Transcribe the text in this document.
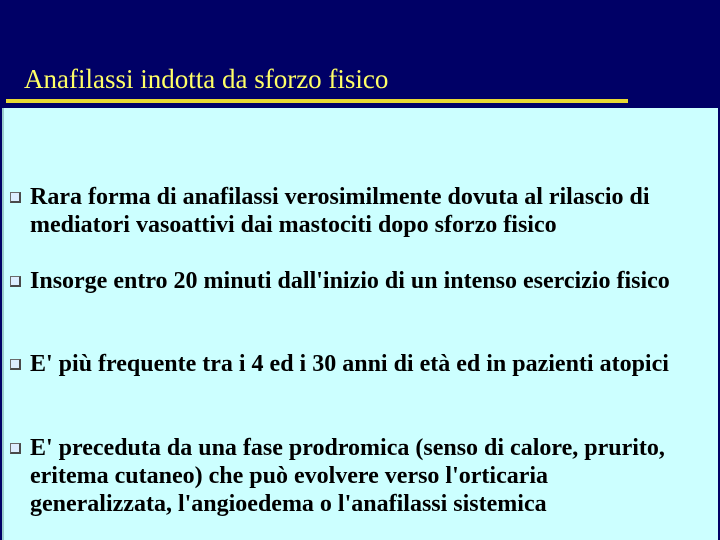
Anafilassi indotta da sforzo fisico
Rara forma di anafilassi verosimilmente dovuta al rilascio di mediatori vasoattivi dai mastociti dopo sforzo fisico
Insorge entro 20 minuti dall'inizio di un intenso esercizio fisico
E' più frequente tra i 4 ed i 30 anni di età ed in pazienti atopici
E' preceduta da una fase prodromica (senso di calore, prurito, eritema cutaneo) che può evolvere verso l'orticaria generalizzata, l'angioedema o l'anafilassi sistemica
